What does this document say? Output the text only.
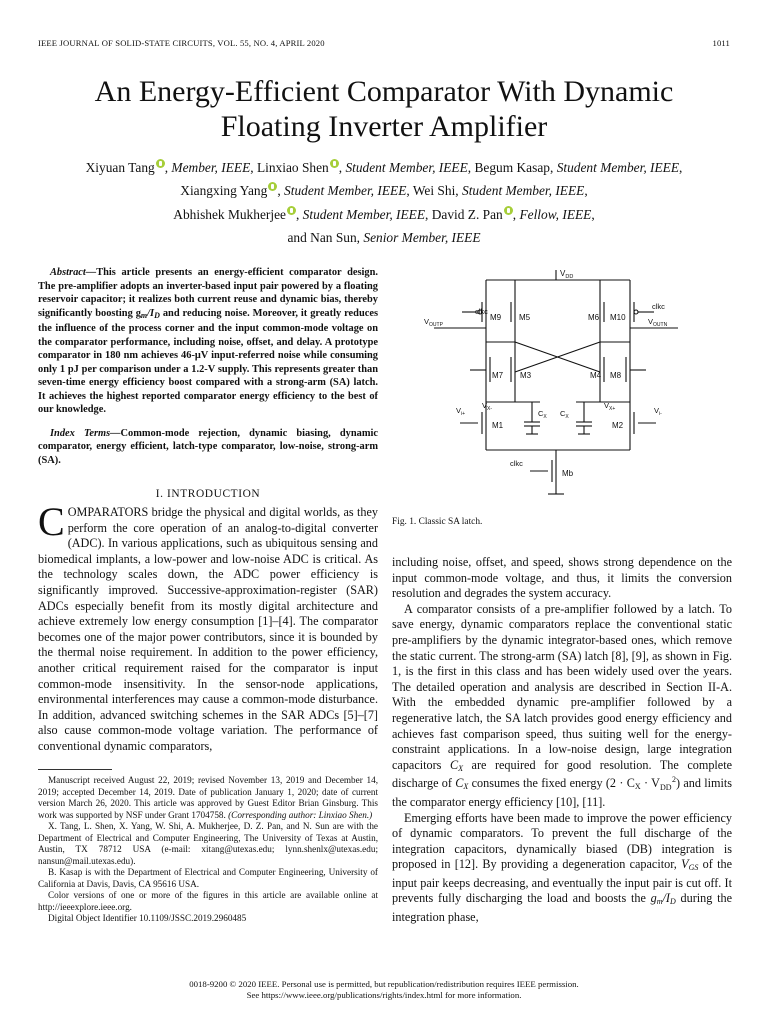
IEEE JOURNAL OF SOLID-STATE CIRCUITS, VOL. 55, NO. 4, APRIL 2020	1011
An Energy-Efficient Comparator With Dynamic
Floating Inverter Amplifier
Xiyuan Tang , Member, IEEE, Linxiao Shen , Student Member, IEEE, Begum Kasap, Student Member, IEEE,
Xiangxing Yang , Student Member, IEEE, Wei Shi, Student Member, IEEE,
Abhishek Mukherjee , Student Member, IEEE, David Z. Pan , Fellow, IEEE,
and Nan Sun, Senior Member, IEEE
Abstract—This article presents an energy-efficient comparator design. The pre-amplifier adopts an inverter-based input pair powered by a floating reservoir capacitor; it realizes both current reuse and dynamic bias, thereby significantly boosting gm/ID and reducing noise. Moreover, it greatly reduces the influence of the process corner and the input common-mode voltage on the comparator performance, including noise, offset, and delay. A prototype comparator in 180 nm achieves 46-μV input-referred noise while consuming only 1 pJ per comparison under a 1.2-V supply. This represents greater than seven-time energy efficiency boost compared with a strong-arm (SA) latch. It achieves the highest reported comparator energy efficiency to the best of our knowledge.
Index Terms—Common-mode rejection, dynamic biasing, dynamic comparator, energy efficient, latch-type comparator, low-noise, strong-arm (SA).
I. INTRODUCTION

COMPARATORS bridge the physical and digital worlds, as they perform the core operation of an analog-to-digital converter (ADC). In various applications, such as ubiquitous sensing and biomedical implants, a low-power and low-noise ADC is critical. As the technology scales down, the ADC power efficiency is significantly improved. Successive-approximation-register (SAR) ADCs especially benefit from its mostly digital architecture and achieve extremely low energy consumption [1]–[4]. The comparator becomes one of the major power contributors, since it is bounded by the thermal noise requirement. In addition to the power efficiency, another critical requirement raised for the comparator is input common-mode insensitivity. In the sensor-node applications, environmental interferences may cause a common-mode disturbance. In addition, advanced switching schemes in the SAR ADCs [5]–[7] also cause common-mode voltage variation. The performance of conventional dynamic comparators,

Manuscript received August 22, 2019; revised November 13, 2019 and December 14, 2019; accepted December 14, 2019. Date of publication January 1, 2020; date of current version March 26, 2020. This article was approved by Guest Editor Brian Ginsburg. This work was supported by NSF under Grant 1704758. (Corresponding author: Linxiao Shen.)

X. Tang, L. Shen, X. Yang, W. Shi, A. Mukherjee, D. Z. Pan, and N. Sun are with the Department of Electrical and Computer Engineering, The University of Texas at Austin, Austin, TX 78712 USA (e-mail: xitang@utexas.edu; lynn.shenlx@utexas.edu; nansun@mail.utexas.edu).

B. Kasap is with the Department of Electrical and Computer Engineering, University of California at Davis, Davis, CA 95616 USA.

Color versions of one or more of the figures in this article are available online at http://ieeexplore.ieee.org.

Digital Object Identifier 10.1109/JSSC.2019.2960485

$V_{DD}$
clkc
M9 M5
clkc
M6 M10
$V_{OUTP}$	$V_{OUTN}$
M7 M3	M4 M8
$V_{X-}$	$V_{X+}$
$C_X$ $C_X$
$V_{i+}$	$V_{i-}$
M1	M2
clkc
Mb
Fig. 1. Classic SA latch.

including noise, offset, and speed, shows strong dependence on the input common-mode voltage, and thus, it limits the conversion resolution and degrades the system accuracy.

A comparator consists of a pre-amplifier followed by a latch. To save energy, dynamic comparators replace the conventional static pre-amplifiers by the dynamic integrator-based ones, which remove the static current. The strong-arm (SA) latch [8], [9], as shown in Fig. 1, is the first in this class and has been widely used over the years. The detailed operation and analysis are described in Section II-A. With the embedded dynamic pre-amplifier followed by a regenerative latch, the SA latch provides good energy efficiency and achieves fast comparison speed, thus suiting well for the energy-constraint applications. In a low-noise design, large integration capacitors CX are required for good resolution. The complete discharge of CX consumes the fixed energy (2 · CX · V 2
DD ) and limits the comparator energy efficiency [10], [11].

Emerging efforts have been made to improve the power efficiency of dynamic comparators. To prevent the full discharge of the integration capacitors, dynamically biased (DB) integration is proposed in [12]. By providing a degeneration capacitor, VGS of the input pair keeps decreasing, and eventually the input pair is cut off. It prevents fully discharging the load and boosts the gm/ID during the integration phase,

0018-9200 © 2020 IEEE. Personal use is permitted, but republication/redistribution requires IEEE permission.
See https://www.ieee.org/publications/rights/index.html for more information.
